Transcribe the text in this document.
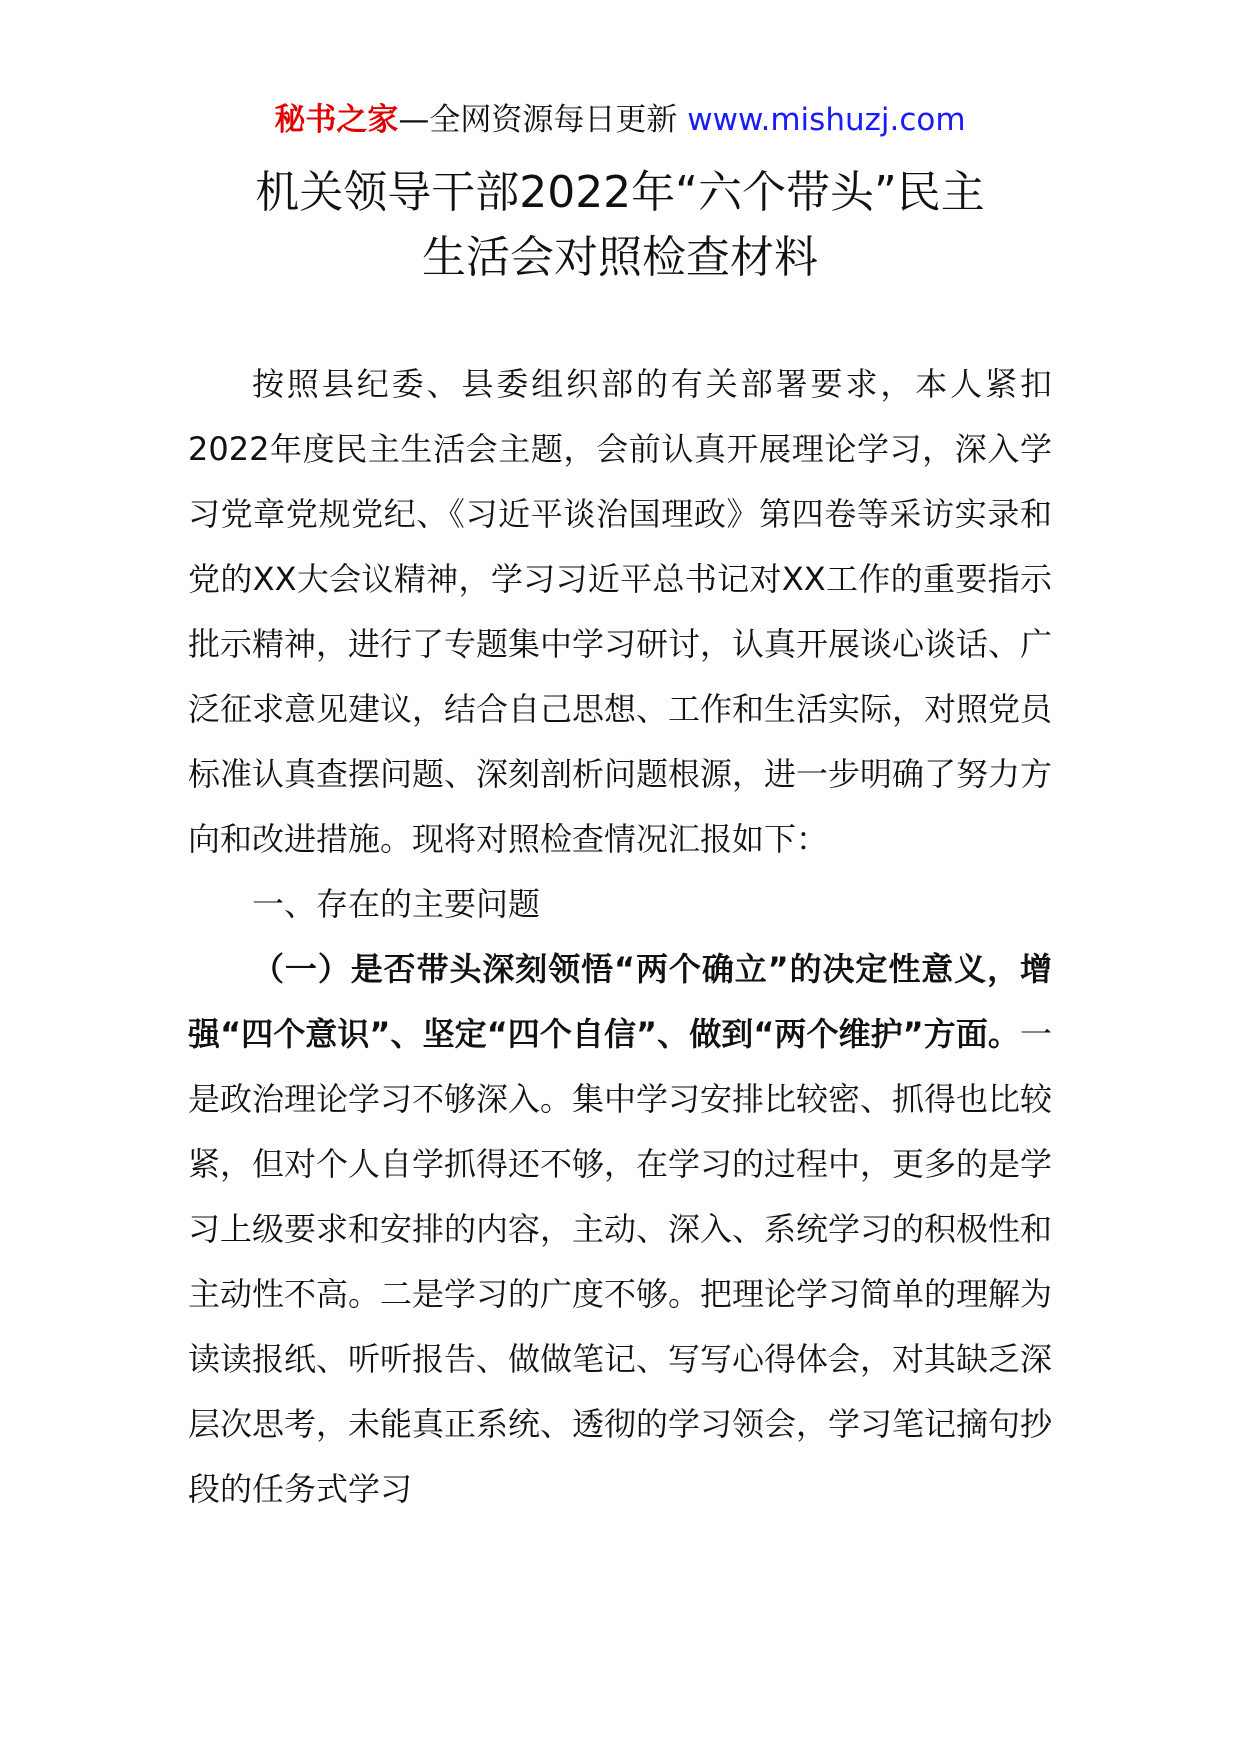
秘书之家—全网资源每日更新 www.mishuzj.com
机关领导干部2022年“六个带头”民主
生活会对照检查材料

按照县纪委、县委组织部的有关部署要求，本人紧扣2022年度民主生活会主题，会前认真开展理论学习，深入学习党章党规党纪、《习近平谈治国理政》第四卷等采访实录和党的XX大会议精神，学习习近平总书记对XX工作的重要指示批示精神，进行了专题集中学习研讨，认真开展谈心谈话、广泛征求意见建议，结合自己思想、工作和生活实际，对照党员标准认真查摆问题、深刻剖析问题根源，进一步明确了努力方向和改进措施。现将对照检查情况汇报如下：

一、存在的主要问题

（一）是否带头深刻领悟“两个确立”的决定性意义，增强“四个意识”、坚定“四个自信”、做到“两个维护”方面。一是政治理论学习不够深入。集中学习安排比较密、抓得也比较紧，但对个人自学抓得还不够，在学习的过程中，更多的是学习上级要求和安排的内容，主动、深入、系统学习的积极性和主动性不高。二是学习的广度不够。把理论学习简单的理解为读读报纸、听听报告、做做笔记、写写心得体会，对其缺乏深层次思考，未能真正系统、透彻的学习领会，学习笔记摘句抄段的任务式学习
